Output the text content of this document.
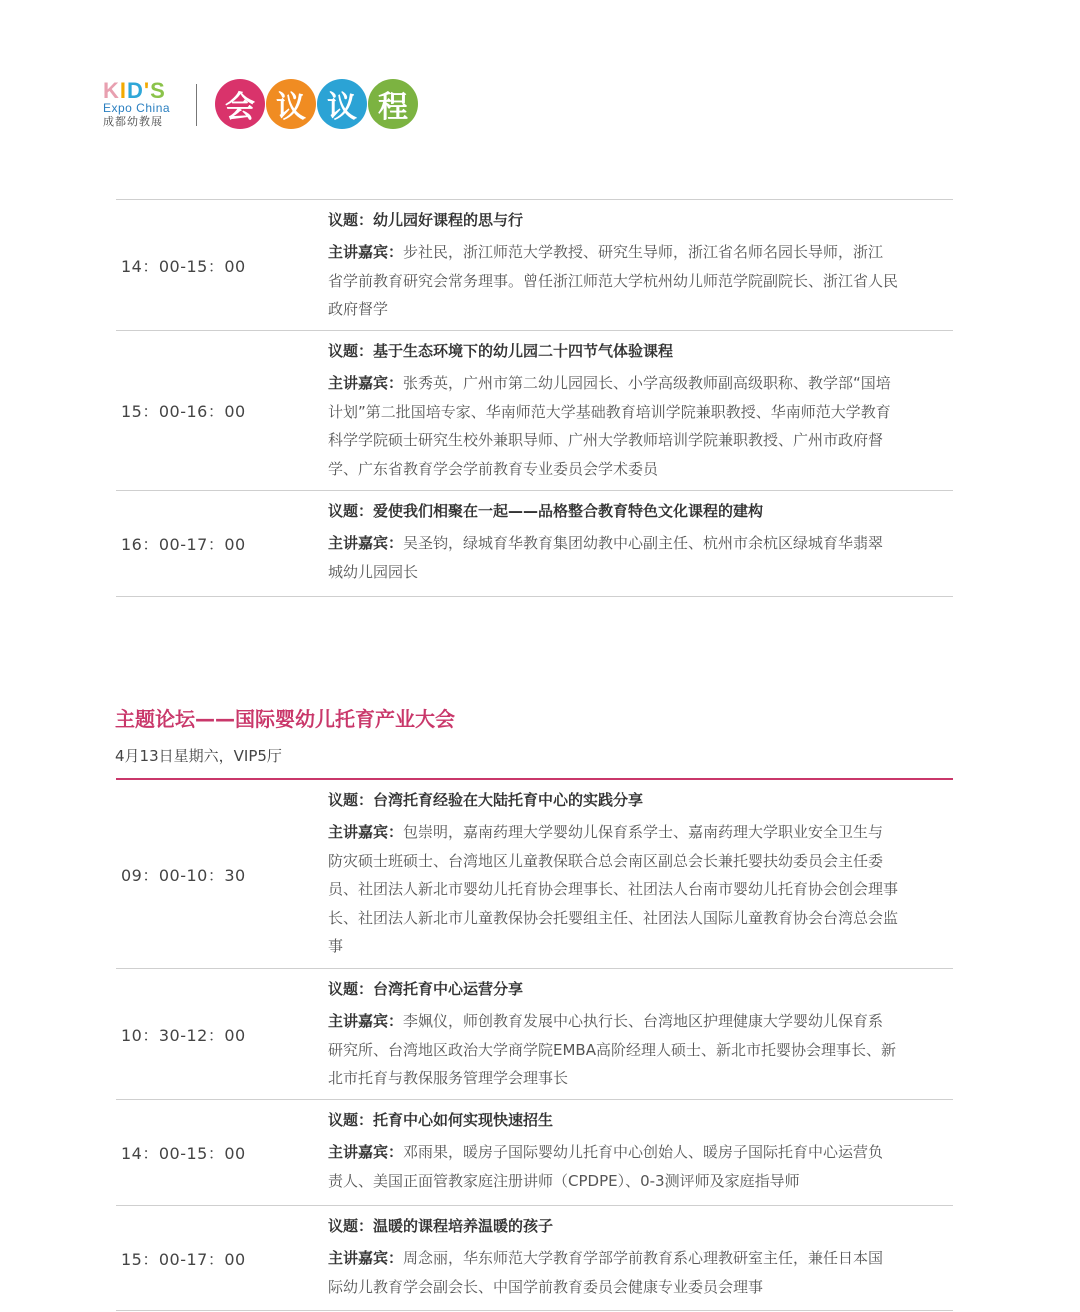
KID'S
Expo China
成都幼教展	会 议 议 程
14：00-15：00
议题：幼儿园好课程的思与行
主讲嘉宾：步社民，浙江师范大学教授、研究生导师，浙江省名师名园长导师，浙江省学前教育研究会常务理事。曾任浙江师范大学杭州幼儿师范学院副院长、浙江省人民政府督学
15：00-16：00
议题：基于生态环境下的幼儿园二十四节气体验课程
主讲嘉宾：张秀英，广州市第二幼儿园园长、小学高级教师副高级职称、教学部“国培计划”第二批国培专家、华南师范大学基础教育培训学院兼职教授、华南师范大学教育科学学院硕士研究生校外兼职导师、广州大学教师培训学院兼职教授、广州市政府督学、广东省教育学会学前教育专业委员会学术委员
16：00-17：00
议题：爱使我们相聚在一起——品格整合教育特色文化课程的建构
主讲嘉宾：吴圣钧，绿城育华教育集团幼教中心副主任、杭州市余杭区绿城育华翡翠城幼儿园园长
主题论坛——国际婴幼儿托育产业大会
4月13日星期六，VIP5厅
09：00-10：30
议题：台湾托育经验在大陆托育中心的实践分享
主讲嘉宾：包崇明，嘉南药理大学婴幼儿保育系学士、嘉南药理大学职业安全卫生与防灾硕士班硕士、台湾地区儿童教保联合总会南区副总会长兼托婴扶幼委员会主任委员、社团法人新北市婴幼儿托育协会理事长、社团法人台南市婴幼儿托育协会创会理事长、社团法人新北市儿童教保协会托婴组主任、社团法人国际儿童教育协会台湾总会监事
10：30-12：00
议题：台湾托育中心运营分享
主讲嘉宾：李姵仪，师创教育发展中心执行长、台湾地区护理健康大学婴幼儿保育系研究所、台湾地区政治大学商学院EMBA高阶经理人硕士、新北市托婴协会理事长、新北市托育与教保服务管理学会理事长
14：00-15：00
议题：托育中心如何实现快速招生
主讲嘉宾：邓雨果，暖房子国际婴幼儿托育中心创始人、暖房子国际托育中心运营负责人、美国正面管教家庭注册讲师（CPDPE）、0-3测评师及家庭指导师
15：00-17：00
议题：温暖的课程培养温暖的孩子
主讲嘉宾：周念丽，华东师范大学教育学部学前教育系心理教研室主任，兼任日本国际幼儿教育学会副会长、中国学前教育委员会健康专业委员会理事
